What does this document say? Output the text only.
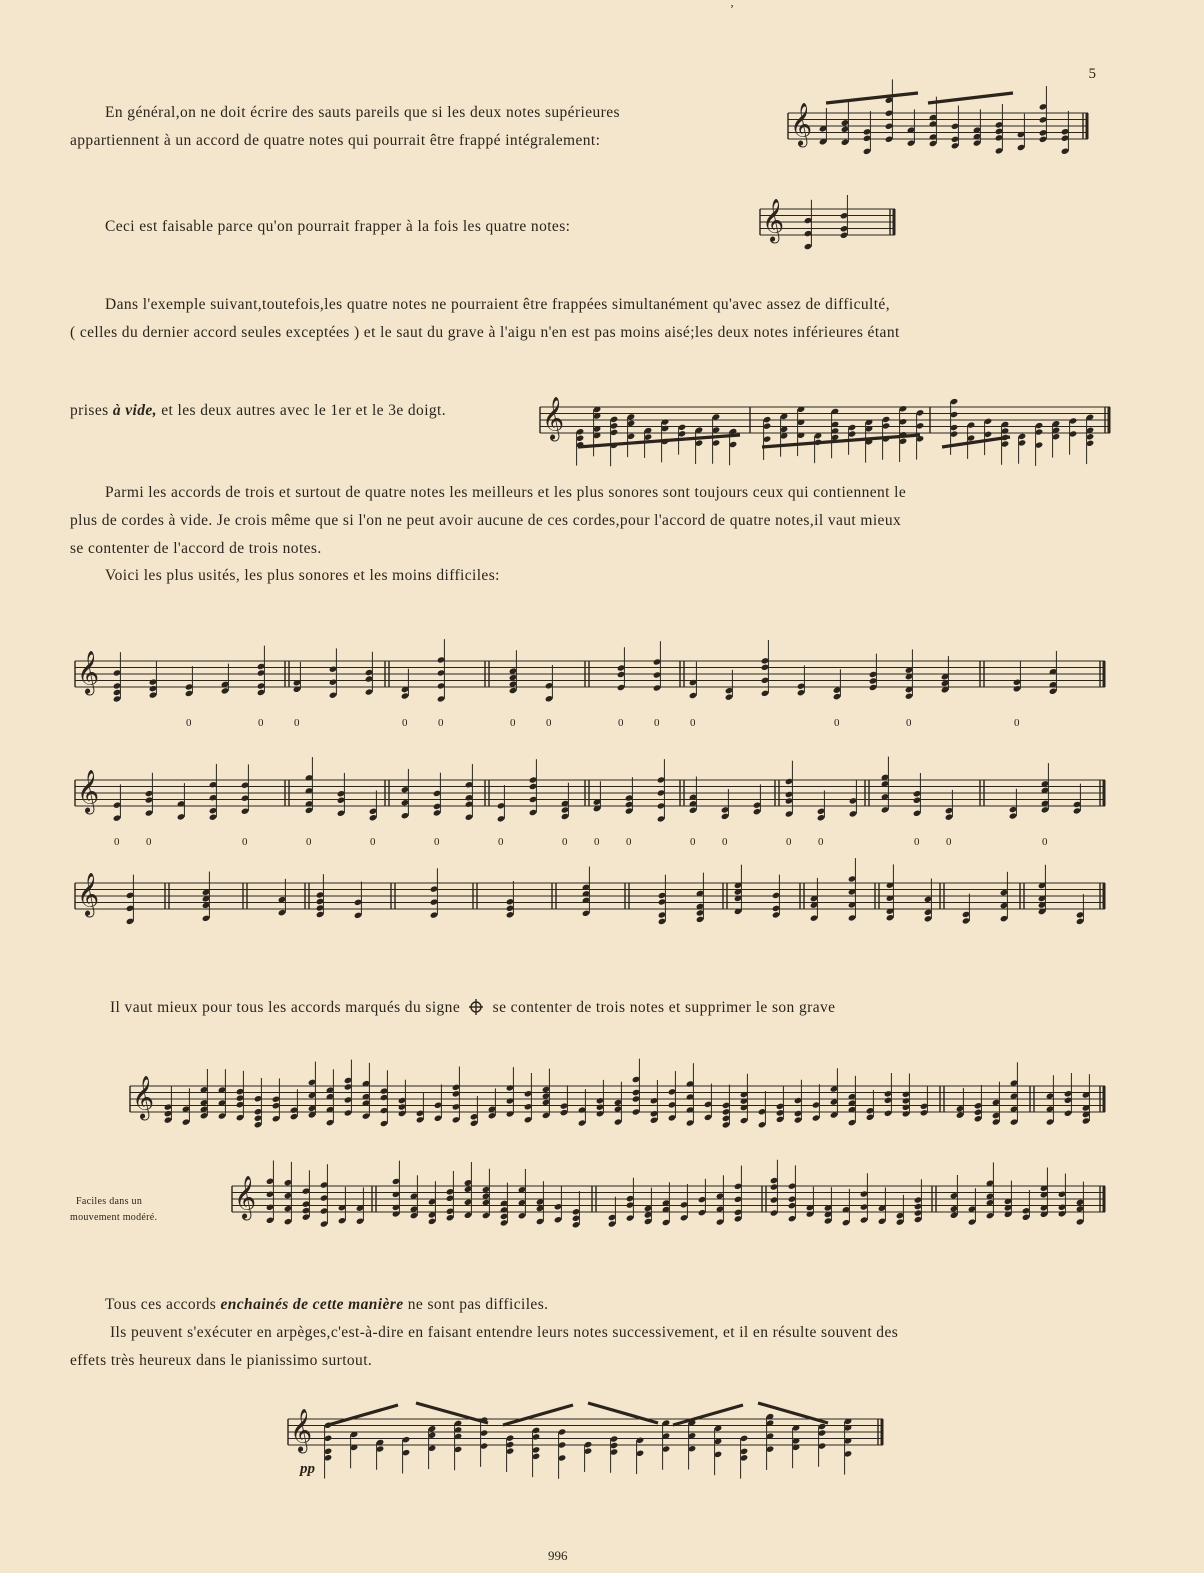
ʼ
5
En général,on ne doit écrire des sauts pareils que si les deux notes supérieures
appartiennent à un accord de quatre notes qui pourrait être frappé intégralement:	𝄞
Ceci est faisable parce qu'on pourrait frapper à la fois les quatre notes:	𝄞
Dans l'exemple suivant,toutefois,les quatre notes ne pourraient être frappées simultanément qu'avec assez de difficulté,
( celles du dernier accord seules exceptées ) et le saut du grave à l'aigu n'en est pas moins aisé;les deux notes inférieures étant
prises à vide, et les deux autres avec le 1er et le 3e doigt.	𝄞
Parmi les accords de trois et surtout de quatre notes les meilleurs et les plus sonores sont toujours ceux qui contiennent le
plus de cordes à vide. Je crois même que si l'on ne peut avoir aucune de ces cordes,pour l'accord de quatre notes,il vaut mieux
se contenter de l'accord de trois notes.
Voici les plus usités, les plus sonores et les moins difficiles:
𝄞
0	0	0	0	0	0	0	0	0	0	0	0	0
𝄞
0 0	0	0	0	0	0	0 0 0	0 0	0 0	0 0	0
𝄞
Il vaut mieux pour tous les accords marqués du signe se contenter de trois notes et supprimer le son grave
𝄞
Faciles dans un
mouvement modéré. 𝄞
Tous ces accords enchainés de cette manière ne sont pas difficiles.
Ils peuvent s'exécuter en arpèges,c'est-à-dire en faisant entendre leurs notes successivement, et il en résulte souvent des
effets très heureux dans le pianissimo surtout.
pp
𝄞
996
